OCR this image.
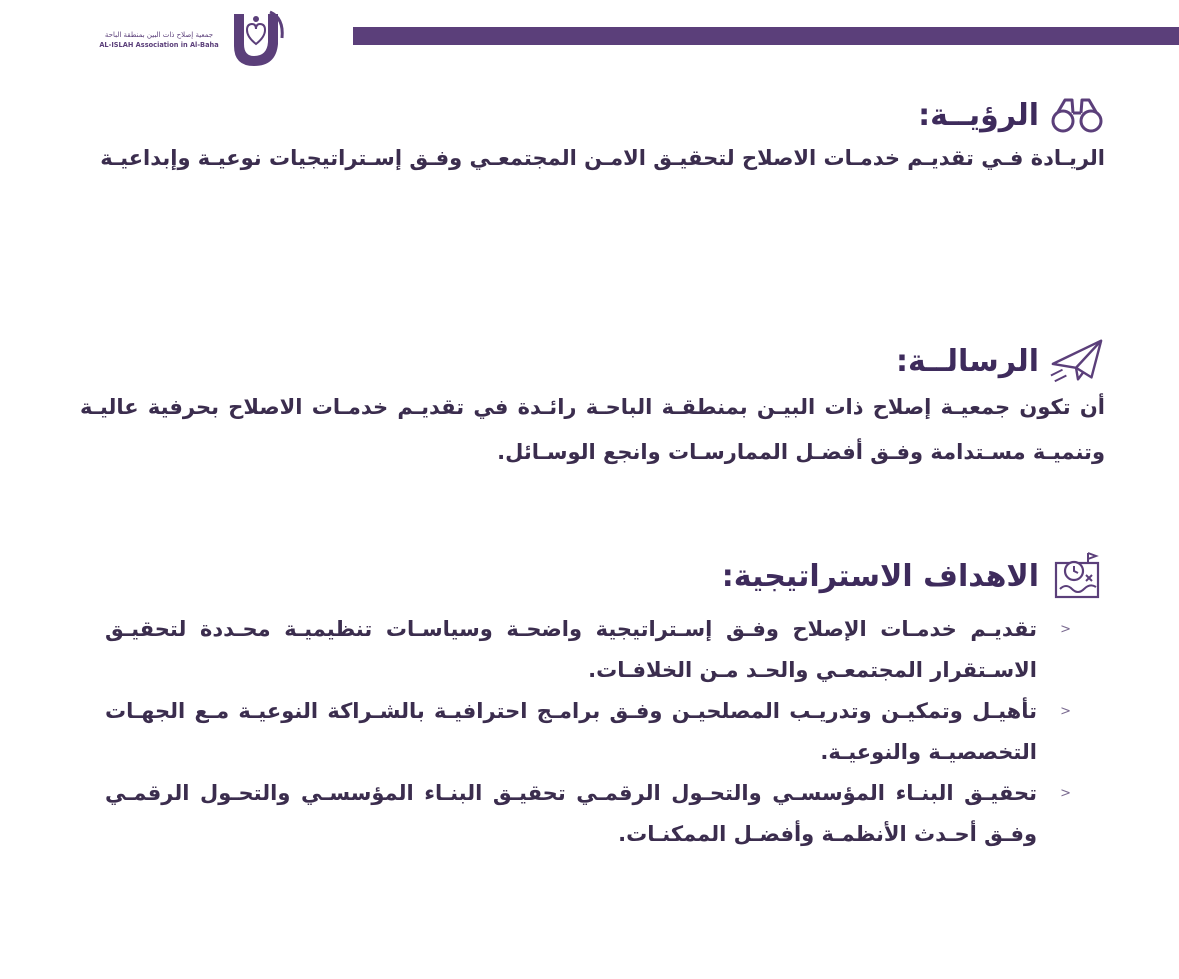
جمعية إصلاح ذات البين بمنطقة الباحة
AL-ISLAH Association in Al-Baha
الرؤيــة:
الريـادة فـي تقديـم خدمـات الاصلاح لتحقيـق الامـن المجتمعـي وفـق إسـتراتيجيات نوعيـة وإبداعيـة
الرسالــة:
أن تكون جمعيـة إصلاح ذات البيـن بمنطقـة الباحـة رائـدة في تقديـم خدمـات الاصلاح بحرفية عاليـة وتنميـة مسـتدامة وفـق أفضـل الممارسـات وانجع الوسـائل.
الاهداف الاستراتيجية:
<
تقديـم خدمـات الإصلاح وفـق إسـتراتيجية واضحـة وسياسـات تنظيميـة محـددة لتحقيـق الاسـتقرار المجتمعـي والحـد مـن الخلافـات.
<
تأهيـل وتمكيـن وتدريـب المصلحيـن وفـق برامـج احترافيـة بالشـراكة النوعيـة مـع الجهـات التخصصيـة والنوعيـة.
<
تحقيـق البنـاء المؤسسـي والتحـول الرقمـي تحقيـق البنـاء المؤسسـي والتحـول الرقمـي وفـق أحـدث الأنظمـة وأفضـل الممكنـات.
